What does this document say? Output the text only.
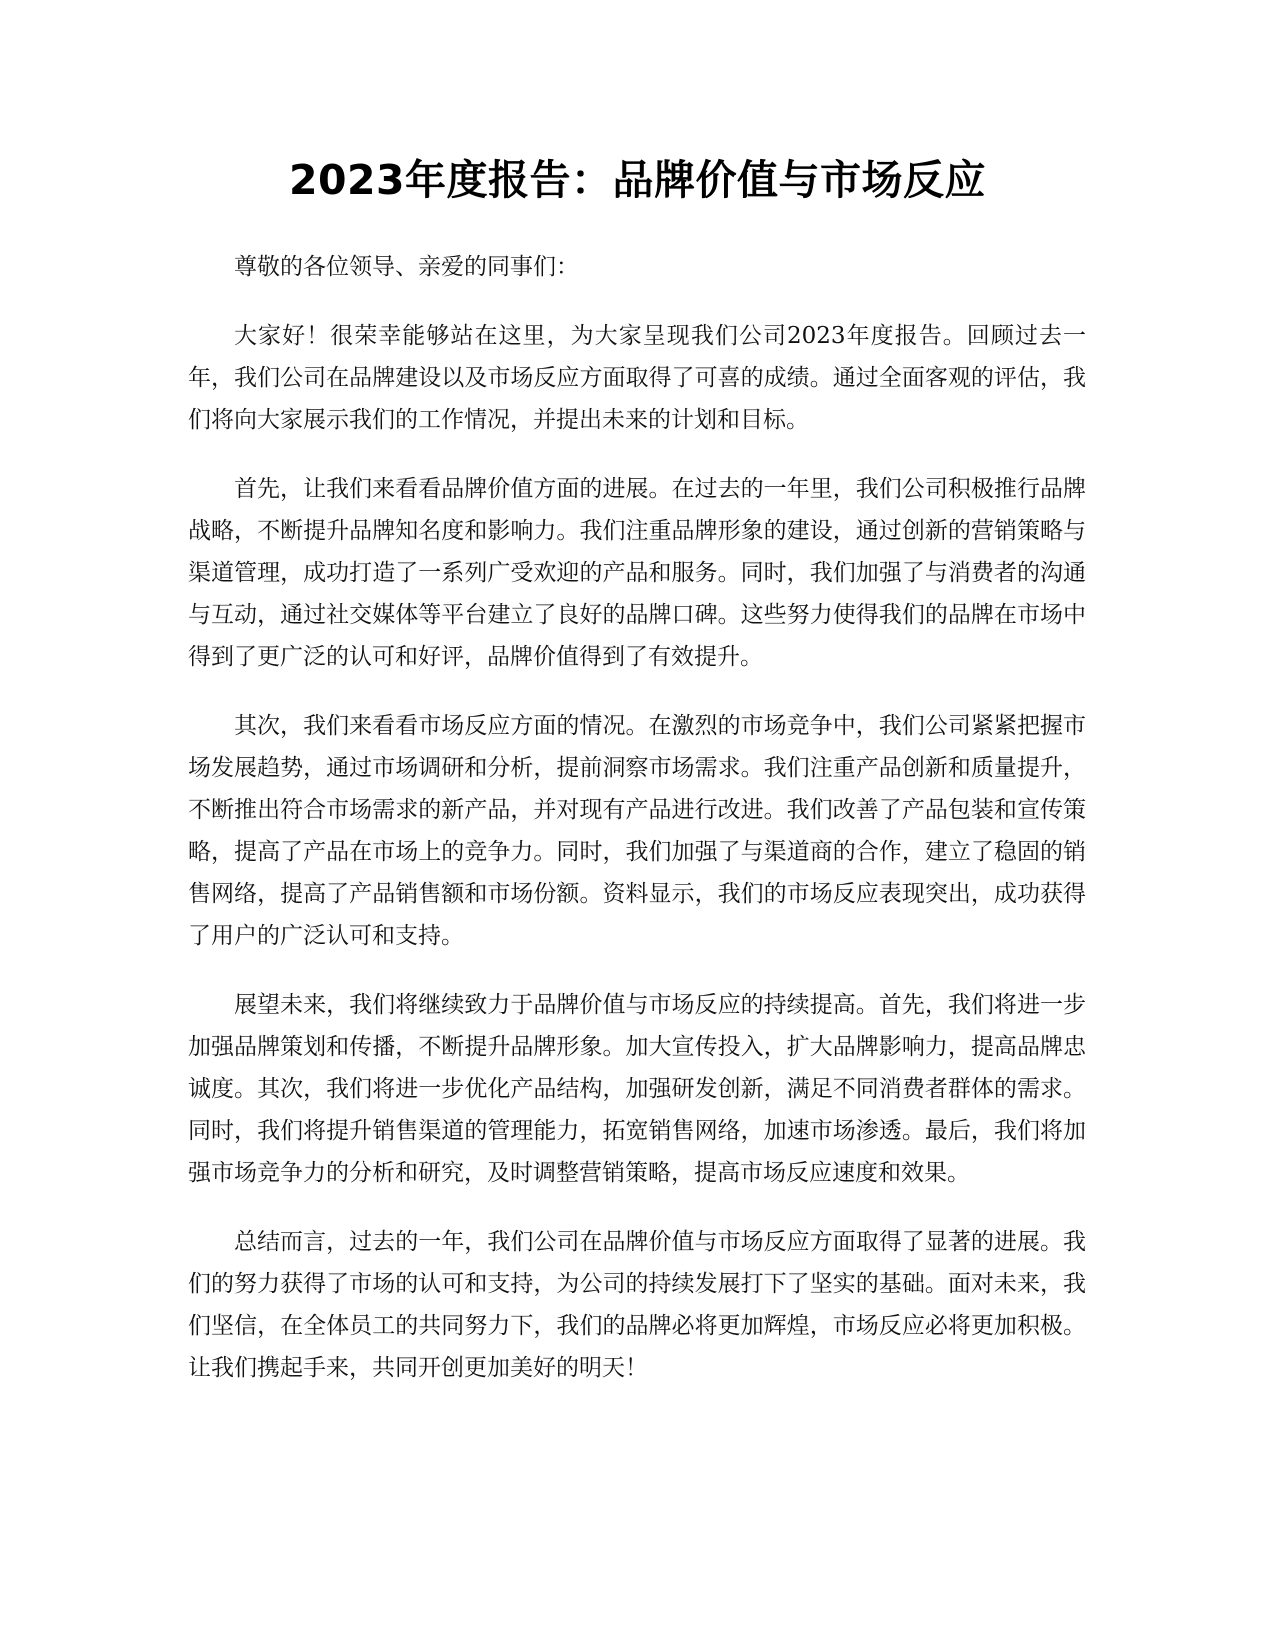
2023年度报告：品牌价值与市场反应

尊敬的各位领导、亲爱的同事们：

大家好！很荣幸能够站在这里，为大家呈现我们公司2023年度报告。回顾过去一年，我们公司在品牌建设以及市场反应方面取得了可喜的成绩。通过全面客观的评估，我们将向大家展示我们的工作情况，并提出未来的计划和目标。

首先，让我们来看看品牌价值方面的进展。在过去的一年里，我们公司积极推行品牌战略，不断提升品牌知名度和影响力。我们注重品牌形象的建设，通过创新的营销策略与渠道管理，成功打造了一系列广受欢迎的产品和服务。同时，我们加强了与消费者的沟通与互动，通过社交媒体等平台建立了良好的品牌口碑。这些努力使得我们的品牌在市场中得到了更广泛的认可和好评，品牌价值得到了有效提升。

其次，我们来看看市场反应方面的情况。在激烈的市场竞争中，我们公司紧紧把握市场发展趋势，通过市场调研和分析，提前洞察市场需求。我们注重产品创新和质量提升，不断推出符合市场需求的新产品，并对现有产品进行改进。我们改善了产品包装和宣传策略，提高了产品在市场上的竞争力。同时，我们加强了与渠道商的合作，建立了稳固的销售网络，提高了产品销售额和市场份额。资料显示，我们的市场反应表现突出，成功获得了用户的广泛认可和支持。

展望未来，我们将继续致力于品牌价值与市场反应的持续提高。首先，我们将进一步加强品牌策划和传播，不断提升品牌形象。加大宣传投入，扩大品牌影响力，提高品牌忠诚度。其次，我们将进一步优化产品结构，加强研发创新，满足不同消费者群体的需求。同时，我们将提升销售渠道的管理能力，拓宽销售网络，加速市场渗透。最后，我们将加强市场竞争力的分析和研究，及时调整营销策略，提高市场反应速度和效果。

总结而言，过去的一年，我们公司在品牌价值与市场反应方面取得了显著的进展。我们的努力获得了市场的认可和支持，为公司的持续发展打下了坚实的基础。面对未来，我们坚信，在全体员工的共同努力下，我们的品牌必将更加辉煌，市场反应必将更加积极。让我们携起手来，共同开创更加美好的明天！
